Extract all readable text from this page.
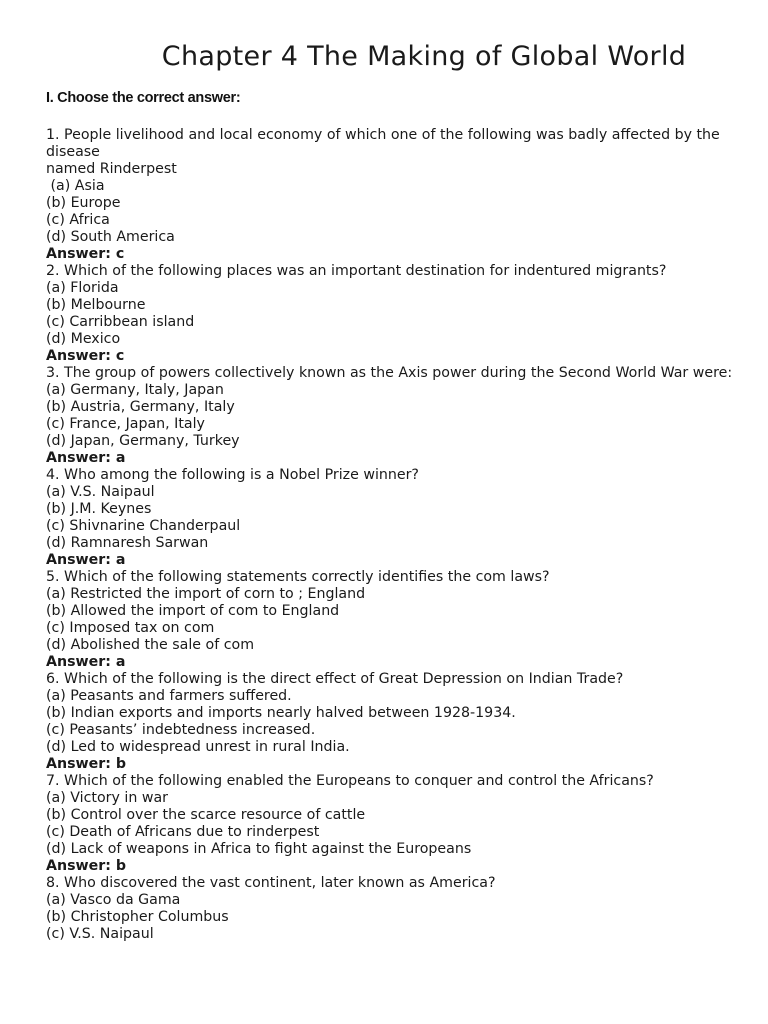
Chapter 4 The Making of Global World
I. Choose the correct answer:
1. People livelihood and local economy of which one of the following was badly affected by the disease
named Rinderpest
(a) Asia
(b) Europe
(c) Africa
(d) South America
Answer: c
2. Which of the following places was an important destination for indentured migrants?
(a) Florida
(b) Melbourne
(c) Carribbean island
(d) Mexico
Answer: c
3. The group of powers collectively known as the Axis power during the Second World War were:
(a) Germany, Italy, Japan
(b) Austria, Germany, Italy
(c) France, Japan, Italy
(d) Japan, Germany, Turkey
Answer: a
4. Who among the following is a Nobel Prize winner?
(a) V.S. Naipaul
(b) J.M. Keynes
(c) Shivnarine Chanderpaul
(d) Ramnaresh Sarwan
Answer: a
5. Which of the following statements correctly identifies the com laws?
(a) Restricted the import of corn to ; England
(b) Allowed the import of com to England
(c) Imposed tax on com
(d) Abolished the sale of com
Answer: a
6. Which of the following is the direct effect of Great Depression on Indian Trade?
(a) Peasants and farmers suffered.
(b) Indian exports and imports nearly halved between 1928-1934.
(c) Peasants’ indebtedness increased.
(d) Led to widespread unrest in rural India.
Answer: b
7. Which of the following enabled the Europeans to conquer and control the Africans?
(a) Victory in war
(b) Control over the scarce resource of cattle
(c) Death of Africans due to rinderpest
(d) Lack of weapons in Africa to fight against the Europeans
Answer: b
8. Who discovered the vast continent, later known as America?
(a) Vasco da Gama
(b) Christopher Columbus
(c) V.S. Naipaul
